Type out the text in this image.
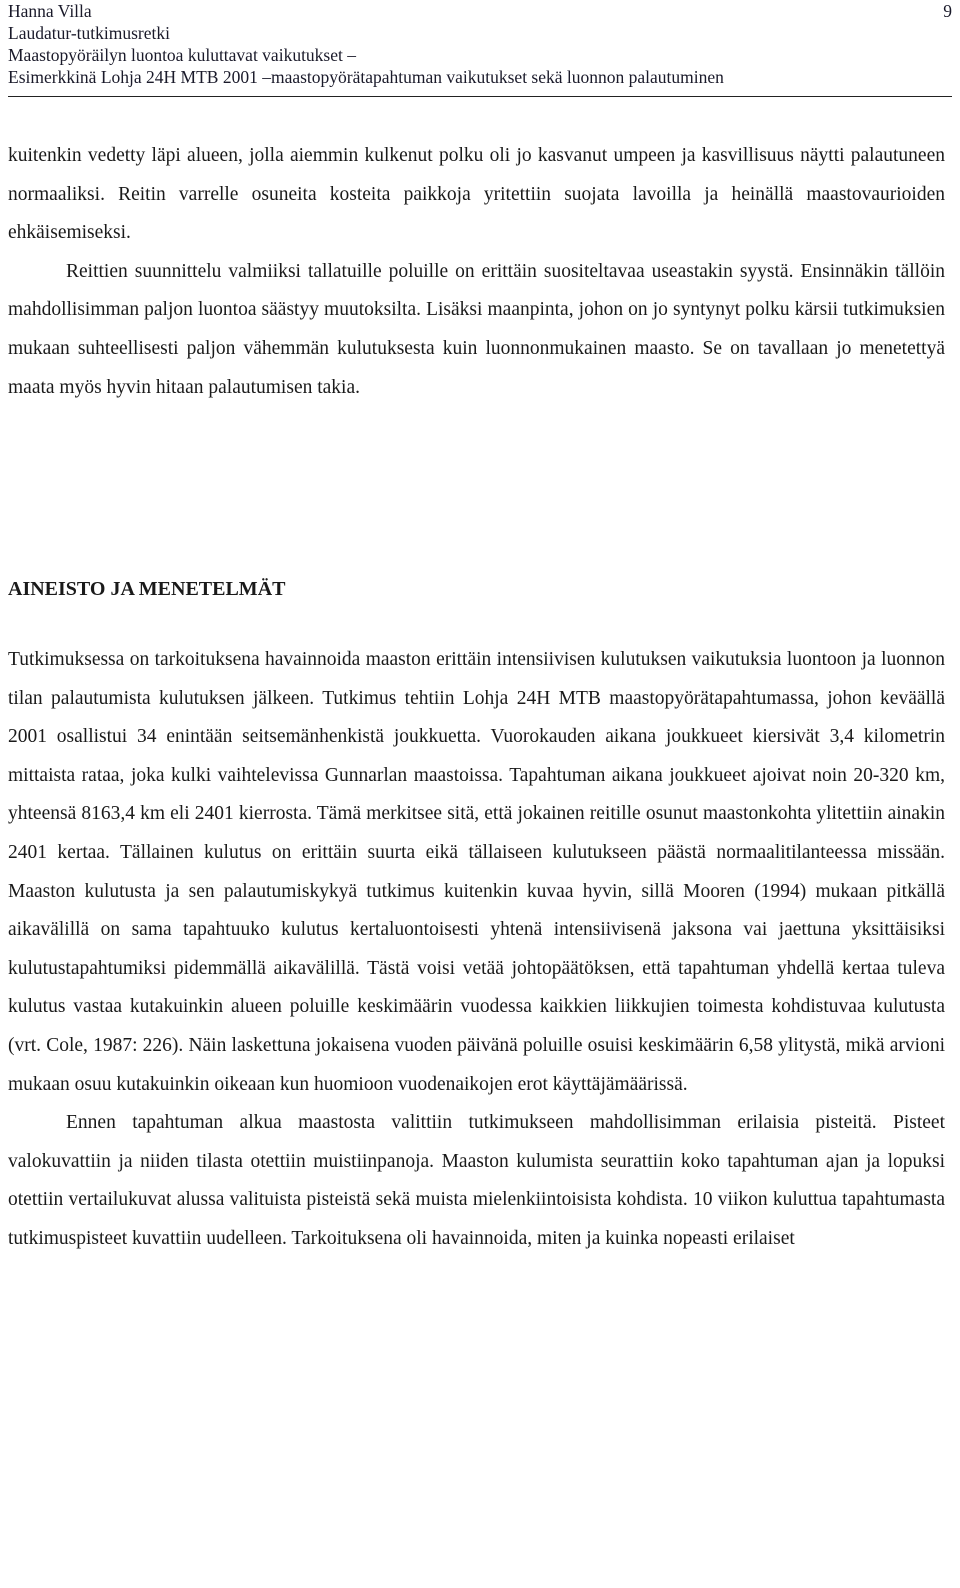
Hanna Villa
Laudatur-tutkimusretki
Maastopyöräilyn luontoa kuluttavat vaikutukset –
Esimerkkinä Lohja 24H MTB 2001 –maastopyörätapahtuman vaikutukset sekä luonnon palautuminen
9

kuitenkin vedetty läpi alueen, jolla aiemmin kulkenut polku oli jo kasvanut umpeen ja kasvillisuus näytti palautuneen normaaliksi. Reitin varrelle osuneita kosteita paikkoja yritettiin suojata lavoilla ja heinällä maastovaurioiden ehkäisemiseksi.

Reittien suunnittelu valmiiksi tallatuille poluille on erittäin suositeltavaa useastakin syystä. Ensinnäkin tällöin mahdollisimman paljon luontoa säästyy muutoksilta. Lisäksi maanpinta, johon on jo syntynyt polku kärsii tutkimuksien mukaan suhteellisesti paljon vähemmän kulutuksesta kuin luonnonmukainen maasto. Se on tavallaan jo menetettyä maata myös hyvin hitaan palautumisen takia.

AINEISTO JA MENETELMÄT

Tutkimuksessa on tarkoituksena havainnoida maaston erittäin intensiivisen kulutuksen vaikutuksia luontoon ja luonnon tilan palautumista kulutuksen jälkeen. Tutkimus tehtiin Lohja 24H MTB maastopyörätapahtumassa, johon keväällä 2001 osallistui 34 enintään seitsemänhenkistä joukkuetta. Vuorokauden aikana joukkueet kiersivät 3,4 kilometrin mittaista rataa, joka kulki vaihtelevissa Gunnarlan maastoissa. Tapahtuman aikana joukkueet ajoivat noin 20-320 km, yhteensä 8163,4 km eli 2401 kierrosta. Tämä merkitsee sitä, että jokainen reitille osunut maastonkohta ylitettiin ainakin 2401 kertaa. Tällainen kulutus on erittäin suurta eikä tällaiseen kulutukseen päästä normaalitilanteessa missään. Maaston kulutusta ja sen palautumiskykyä tutkimus kuitenkin kuvaa hyvin, sillä Mooren (1994) mukaan pitkällä aikavälillä on sama tapahtuuko kulutus kertaluontoisesti yhtenä intensiivisenä jaksona vai jaettuna yksittäisiksi kulutustapahtumiksi pidemmällä aikavälillä. Tästä voisi vetää johtopäätöksen, että tapahtuman yhdellä kertaa tuleva kulutus vastaa kutakuinkin alueen poluille keskimäärin vuodessa kaikkien liikkujien toimesta kohdistuvaa kulutusta (vrt. Cole, 1987: 226). Näin laskettuna jokaisena vuoden päivänä poluille osuisi keskimäärin 6,58 ylitystä, mikä arvioni mukaan osuu kutakuinkin oikeaan kun huomioon vuodenaikojen erot käyttäjämäärissä.

Ennen tapahtuman alkua maastosta valittiin tutkimukseen mahdollisimman erilaisia pisteitä. Pisteet valokuvattiin ja niiden tilasta otettiin muistiinpanoja. Maaston kulumista seurattiin koko tapahtuman ajan ja lopuksi otettiin vertailukuvat alussa valituista pisteistä sekä muista mielenkiintoisista kohdista. 10 viikon kuluttua tapahtumasta tutkimuspisteet kuvattiin uudelleen. Tarkoituksena oli havainnoida, miten ja kuinka nopeasti erilaiset
